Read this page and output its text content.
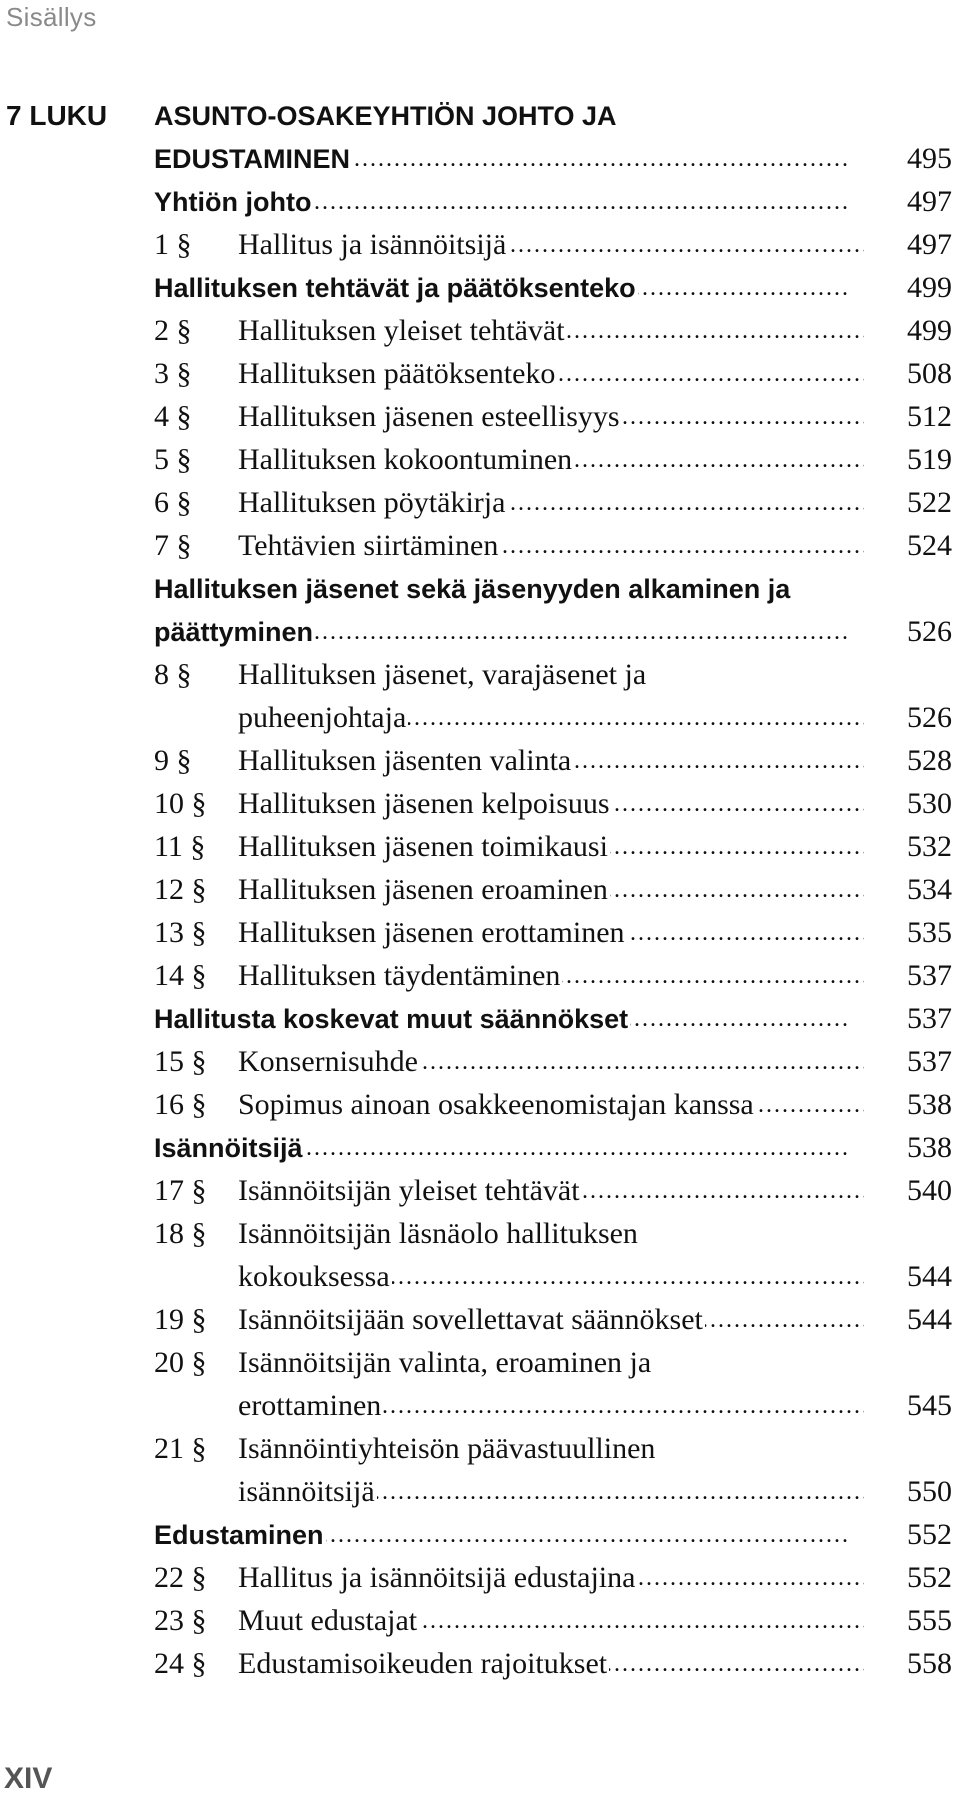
Sisällys
7 LUKU ASUNTO-OSAKEYHTIÖN JOHTO JA
EDUSTAMINEN . . .	495
Yhtiön johto . . .	497
1 §	Hallitus ja isännöitsijä . . .	497
Hallituksen tehtävät ja päätöksenteko . . .	499
2 §	Hallituksen yleiset tehtävät . . .	499
3 §	Hallituksen päätöksenteko . . .	508
4 §	Hallituksen jäsenen esteellisyys . . .	512
5 §	Hallituksen kokoontuminen . . .	519
6 §	Hallituksen pöytäkirja . . .	522
7 §	Tehtävien siirtäminen . . .	524
Hallituksen jäsenet sekä jäsenyyden alkaminen ja
päättyminen . . .	526
8 §	Hallituksen jäsenet, varajäsenet ja
puheenjohtaja . . .	526
9 §	Hallituksen jäsenten valinta . . .	528
10 §	Hallituksen jäsenen kelpoisuus . . .	530
11 §	Hallituksen jäsenen toimikausi . . .	532
12 §	Hallituksen jäsenen eroaminen . . .	534
13 §	Hallituksen jäsenen erottaminen . . .	535
14 §	Hallituksen täydentäminen . . .	537
Hallitusta koskevat muut säännökset . . .	537
15 §	Konsernisuhde . . .	537
16 §	Sopimus ainoan osakkeenomistajan kanssa . . .	538
Isännöitsijä . . .	538
17 §	Isännöitsijän yleiset tehtävät . . .	540
18 §	Isännöitsijän läsnäolo hallituksen
kokouksessa . . .	544
19 §	Isännöitsijään sovellettavat säännökset . . .	544
20 §	Isännöitsijän valinta, eroaminen ja
erottaminen . . .	545
21 §	Isännöintiyhteisön päävastuullinen
isännöitsijä . . .	550
Edustaminen . . .	552
22 §	Hallitus ja isännöitsijä edustajina . . .	552
23 §	Muut edustajat . . .	555
24 §	Edustamisoikeuden rajoitukset . . .	558
XIV
